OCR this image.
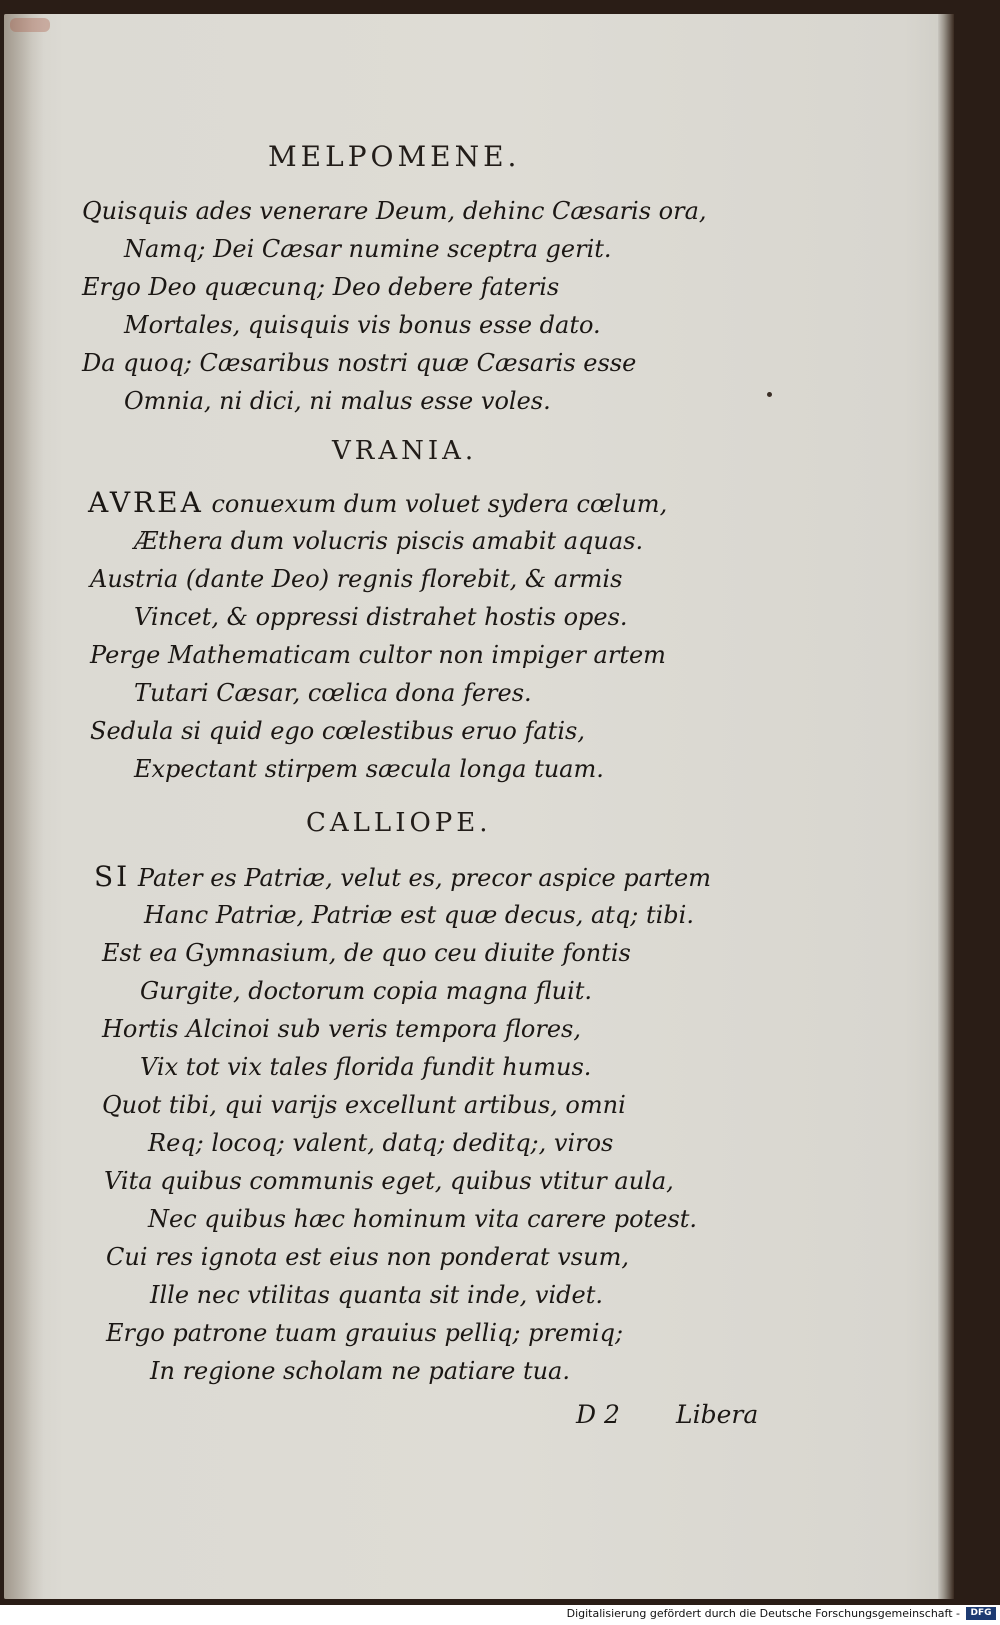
MELPOMENE.
Quisquis ades venerare Deum, dehinc Cæsaris ora,
Namq; Dei Cæsar numine sceptra gerit.
Ergo Deo quæcunq; Deo debere fateris
Mortales, quisquis vis bonus esse dato.
Da quoq; Cæsaribus nostri quæ Cæsaris esse
Omnia, ni dici, ni malus esse voles.
VRANIA.
AVREA conuexum dum voluet sydera cœlum,
Æthera dum volucris piscis amabit aquas.
Austria (dante Deo) regnis florebit, & armis
Vincet, & oppressi distrahet hostis opes.
Perge Mathematicam cultor non impiger artem
Tutari Cæsar, cœlica dona feres.
Sedula si quid ego cœlestibus eruo fatis,
Expectant stirpem sæcula longa tuam.
CALLIOPE.
SI Pater es Patriæ, velut es, precor aspice partem
Hanc Patriæ, Patriæ est quæ decus, atq; tibi.
Est ea Gymnasium, de quo ceu diuite fontis
Gurgite, doctorum copia magna fluit.
Hortis Alcinoi sub veris tempora flores,
Vix tot vix tales florida fundit humus.
Quot tibi, qui varijs excellunt artibus, omni
Req; locoq; valent, datq; deditq;, viros
Vita quibus communis eget, quibus vtitur aula,
Nec quibus hæc hominum vita carere potest.
Cui res ignota est eius non ponderat vsum,
Ille nec vtilitas quanta sit inde, videt.
Ergo patrone tuam grauius pelliq; premiq;
In regione scholam ne patiare tua.
D 2 Libera
Digitalisierung gefördert durch die Deutsche Forschungsgemeinschaft -	DFG
